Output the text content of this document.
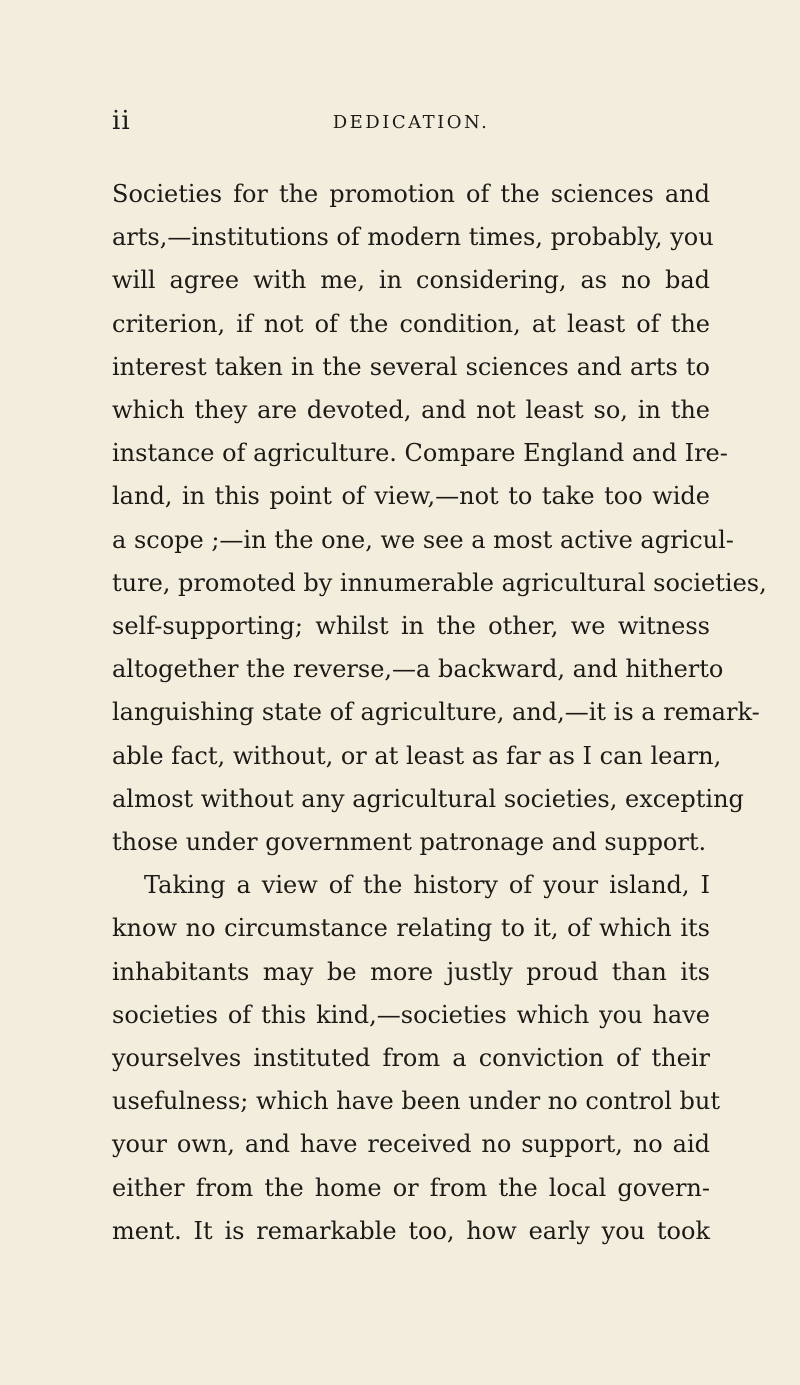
ii	DEDICATION.
Societies for the promotion of the sciences and
arts,—institutions of modern times, probably, you
will agree with me, in considering, as no bad
criterion, if not of the condition, at least of the
interest taken in the several sciences and arts to
which they are devoted, and not least so, in the
instance of agriculture. Compare England and Ire-
land, in this point of view,—not to take too wide
a scope ;—in the one, we see a most active agricul-
ture, promoted by innumerable agricultural societies,
self-supporting; whilst in the other, we witness
altogether the reverse,—a backward, and hitherto
languishing state of agriculture, and,—it is a remark-
able fact, without, or at least as far as I can learn,
almost without any agricultural societies, excepting
those under government patronage and support.
Taking a view of the history of your island, I
know no circumstance relating to it, of which its
inhabitants may be more justly proud than its
societies of this kind,—societies which you have
yourselves instituted from a conviction of their
usefulness; which have been under no control but
your own, and have received no support, no aid
either from the home or from the local govern-
ment. It is remarkable too, how early you took
